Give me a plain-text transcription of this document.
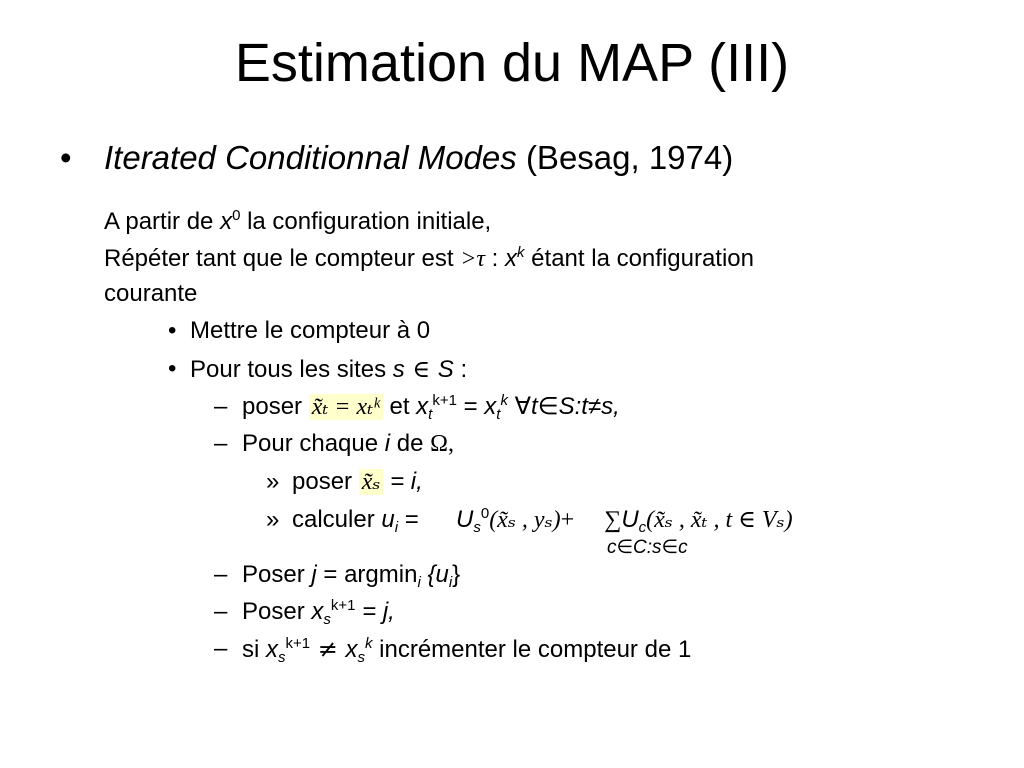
Estimation du MAP (III)
• Iterated Conditionnal Modes (Besag, 1974)
A partir de $x^0$ la configuration initiale,
Répéter tant que le compteur est >τ : $x^k$ étant la configuration
courante
• Mettre le compteur à 0
• Pour tous les sites s ∈ S :
– poser x̃ₜ = xₜᵏ et $x_t^{k+1} = x_t^k$ ∀t∈S:t≠s,
– Pour chaque i de Ω,
» poser x̃ₛ = i,
» calculer $u_i$ = $U_s^0(x̃_s$ , $y_s)+ \sum U_c(x̃_s$ , x̃ₜ , t ∈ Vₛ)
c∈C:s∈c
– Poser j = argmin$_i$ $\{u_i\}$
– Poser $x_s^{k+1} = j$,
– si $x_s^{k+1} \ne x_s^k$ incrémenter le compteur de 1
